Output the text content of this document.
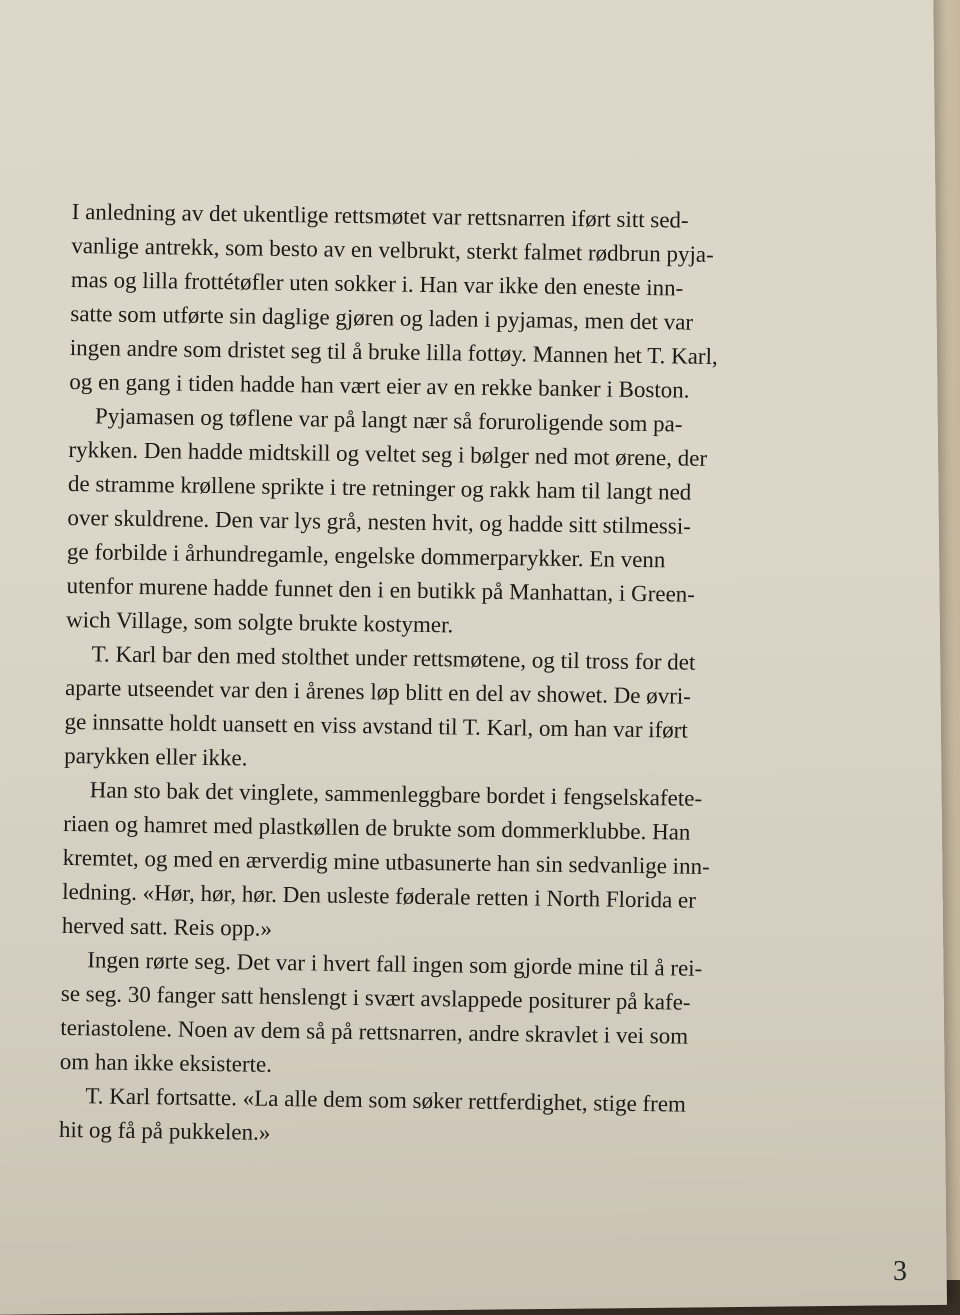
I anledning av det ukentlige rettsmøtet var rettsnarren iført sitt sed-
vanlige antrekk, som besto av en velbrukt, sterkt falmet rødbrun pyja-
mas og lilla frottétøfler uten sokker i. Han var ikke den eneste inn-
satte som utførte sin daglige gjøren og laden i pyjamas, men det var
ingen andre som dristet seg til å bruke lilla fottøy. Mannen het T. Karl,
og en gang i tiden hadde han vært eier av en rekke banker i Boston.

Pyjamasen og tøflene var på langt nær så foruroligende som pa-
rykken. Den hadde midtskill og veltet seg i bølger ned mot ørene, der
de stramme krøllene sprikte i tre retninger og rakk ham til langt ned
over skuldrene. Den var lys grå, nesten hvit, og hadde sitt stilmessi-
ge forbilde i århundregamle, engelske dommerparykker. En venn
utenfor murene hadde funnet den i en butikk på Manhattan, i Green-
wich Village, som solgte brukte kostymer.

T. Karl bar den med stolthet under rettsmøtene, og til tross for det
aparte utseendet var den i årenes løp blitt en del av showet. De øvri-
ge innsatte holdt uansett en viss avstand til T. Karl, om han var iført
parykken eller ikke.

Han sto bak det vinglete, sammenleggbare bordet i fengselskafete-
riaen og hamret med plastkøllen de brukte som dommerklubbe. Han
kremtet, og med en ærverdig mine utbasunerte han sin sedvanlige inn-
ledning. «Hør, hør, hør. Den usleste føderale retten i North Florida er
herved satt. Reis opp.»

Ingen rørte seg. Det var i hvert fall ingen som gjorde mine til å rei-
se seg. 30 fanger satt henslengt i svært avslappede positurer på kafe-
teriastolene. Noen av dem så på rettsnarren, andre skravlet i vei som
om han ikke eksisterte.

T. Karl fortsatte. «La alle dem som søker rettferdighet, stige frem
hit og få på pukkelen.»

3
